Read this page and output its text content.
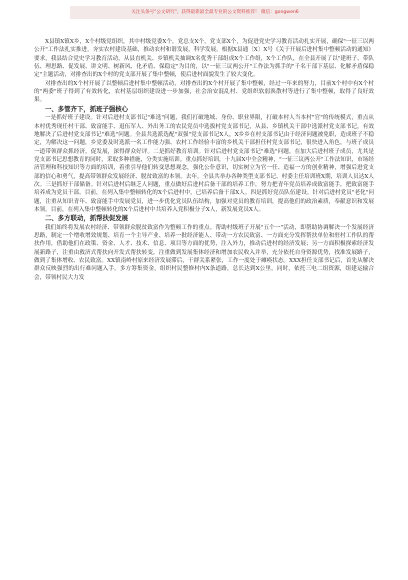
关注头条号"公文研究"，获得最新最全最专业的公文资料推荐！ 微信：gongwen6

X县镇X镇X乡，X个村级党组织，其中村级党委X个，党总支X个，党支部X个，为促进党史学习教育活动扎实开展，确保"一征三以两公开"工作法扎实推进，夯实农村建设基础，推动农村和谐发展，科学发展。根据X县通〔X〕X号《关于开展后进村集中整顿活动的通知》要求，我县结合党史学习教育活动，从县直机关、乡镇机关抽调X名优秀干部组成X个工作组，X个工作队，在全县开展了以"建班子、带队伍、理思路、促发展、讲文明、树新风、化矛盾、保稳定"为目的，以"一征三议两公开"工作法为抓手的"千名干部下基层、化解矛盾保稳定"主题活动，对排查出的X个村的党支部开展了集中整顿，使后进村面貌发生了较大变化。

对排查出的X个村开展了以整顿后进村集中整顿活动，对排查出的X个村开展了集中整顿，经过一年来的努力，目前X个村中有X个村的"两委"班子得到了有效转化，农村基层组织建设进一步加强，社会治安混乱村、党组织软弱涣散村等进行了集中整顿，取得了良好效果。

一、多管齐下，抓班子强核心

一是抓好班子建设。针对后进村支部书记"难选"问题，我们打破地域、身份、职业界限，打破本村人当本村"官"的传统模式，重点从本村优秀现任村干部、致富能手、退伍军人、外出务工的农民党员中选拔村党支部书记，从县、乡镇机关干部中选派村党支部书记，有效地解决了后进村党支部书记"难选"问题。全县共选派选配"双强"党支部书记X人，X乡乡在村支部书记由于经济问题被免职，造成班子不稳定，为解决这一问题，乡党委及时选派一名工作能力强、农村工作经验丰富的乡机关干部担任村党支部书记，很快进入角色，与班子成员一道带领群众抓经济，促发展，深得群众好评。二是抓好教育培训。针对后进村党支部书记"难选"问题，在加大后进村班子成员，尤其是党支部书记思想教育的同时，采取多种措施，分类实施培训。重点抓好培训，十九届X中全会精神，"一征三议两公开"工作法知识，市场经济管理和科技知识等方面的培训，着重引导他们转变思想观念，强化公仆意识，切实树立为官一任、造福一方的创业精神，增强后进党支部的信心和勇气，提高带领群众发展经济、脱贫致富的本领。去年，全县共举办各种类型支部书记、村委主任培训班X期，培训人员达X人次。三是抓好干部储备。针对后进村后继乏人问题，重点做好后进村后备干部的培养工作，努力把青年党员培养成致富能手，把致富能手培养成为党员干部。目前，在列入集中整顿转化的X个后进村中，已培养后备干部X人。四是抓好党员队伍建设。针对后进村党员"老化"问题，注重从知识青年、致富能手中发展党员，进一步优化党员队伍结构，加强对党员的教育培训，提高他们的政治素质，奉献意识和发展本领。目前，在列入集中整顿转化的X个后进村中共培养入党积极分子X人，新发展党员X人。

二、多方联动，抓帮扶促发展

我们始终将发展农村经济、带领群众脱贫致富作为整顿工作的重点。帮助村级班子开展"五个一"活动，即帮助协调解决一个发展经济思路，制定一个增收增效规划、培育一个主导产业、培养一批经济能人、带动一方农民致富、一方面充分发挥帮扶单位和驻村工作队的帮扶作用，借助他们在政策、资金、人才、技术、信息、项目等方面的优势，注入外力，推动后进村的经济发展；另一方面积极探索经济发展新路子，注重由救济式帮扶向开发式帮扶转变，注重做到发展集体经济和增加农民收入并举，充分依托自身资源优势，找准发展路子，做到了集体增收、农民致富。XX镇南岭村原来经济发展滞后，干群关系紧张，工作一度处于瘫痪状态。XXX担任支部书记后，首先从解决群众反映强烈的出行难问题入手，多方筹集资金，组织村民整修村内X条道路，总长达到X公里，同时，依托三电二组资源，组建运输合会，带领村民大力发
